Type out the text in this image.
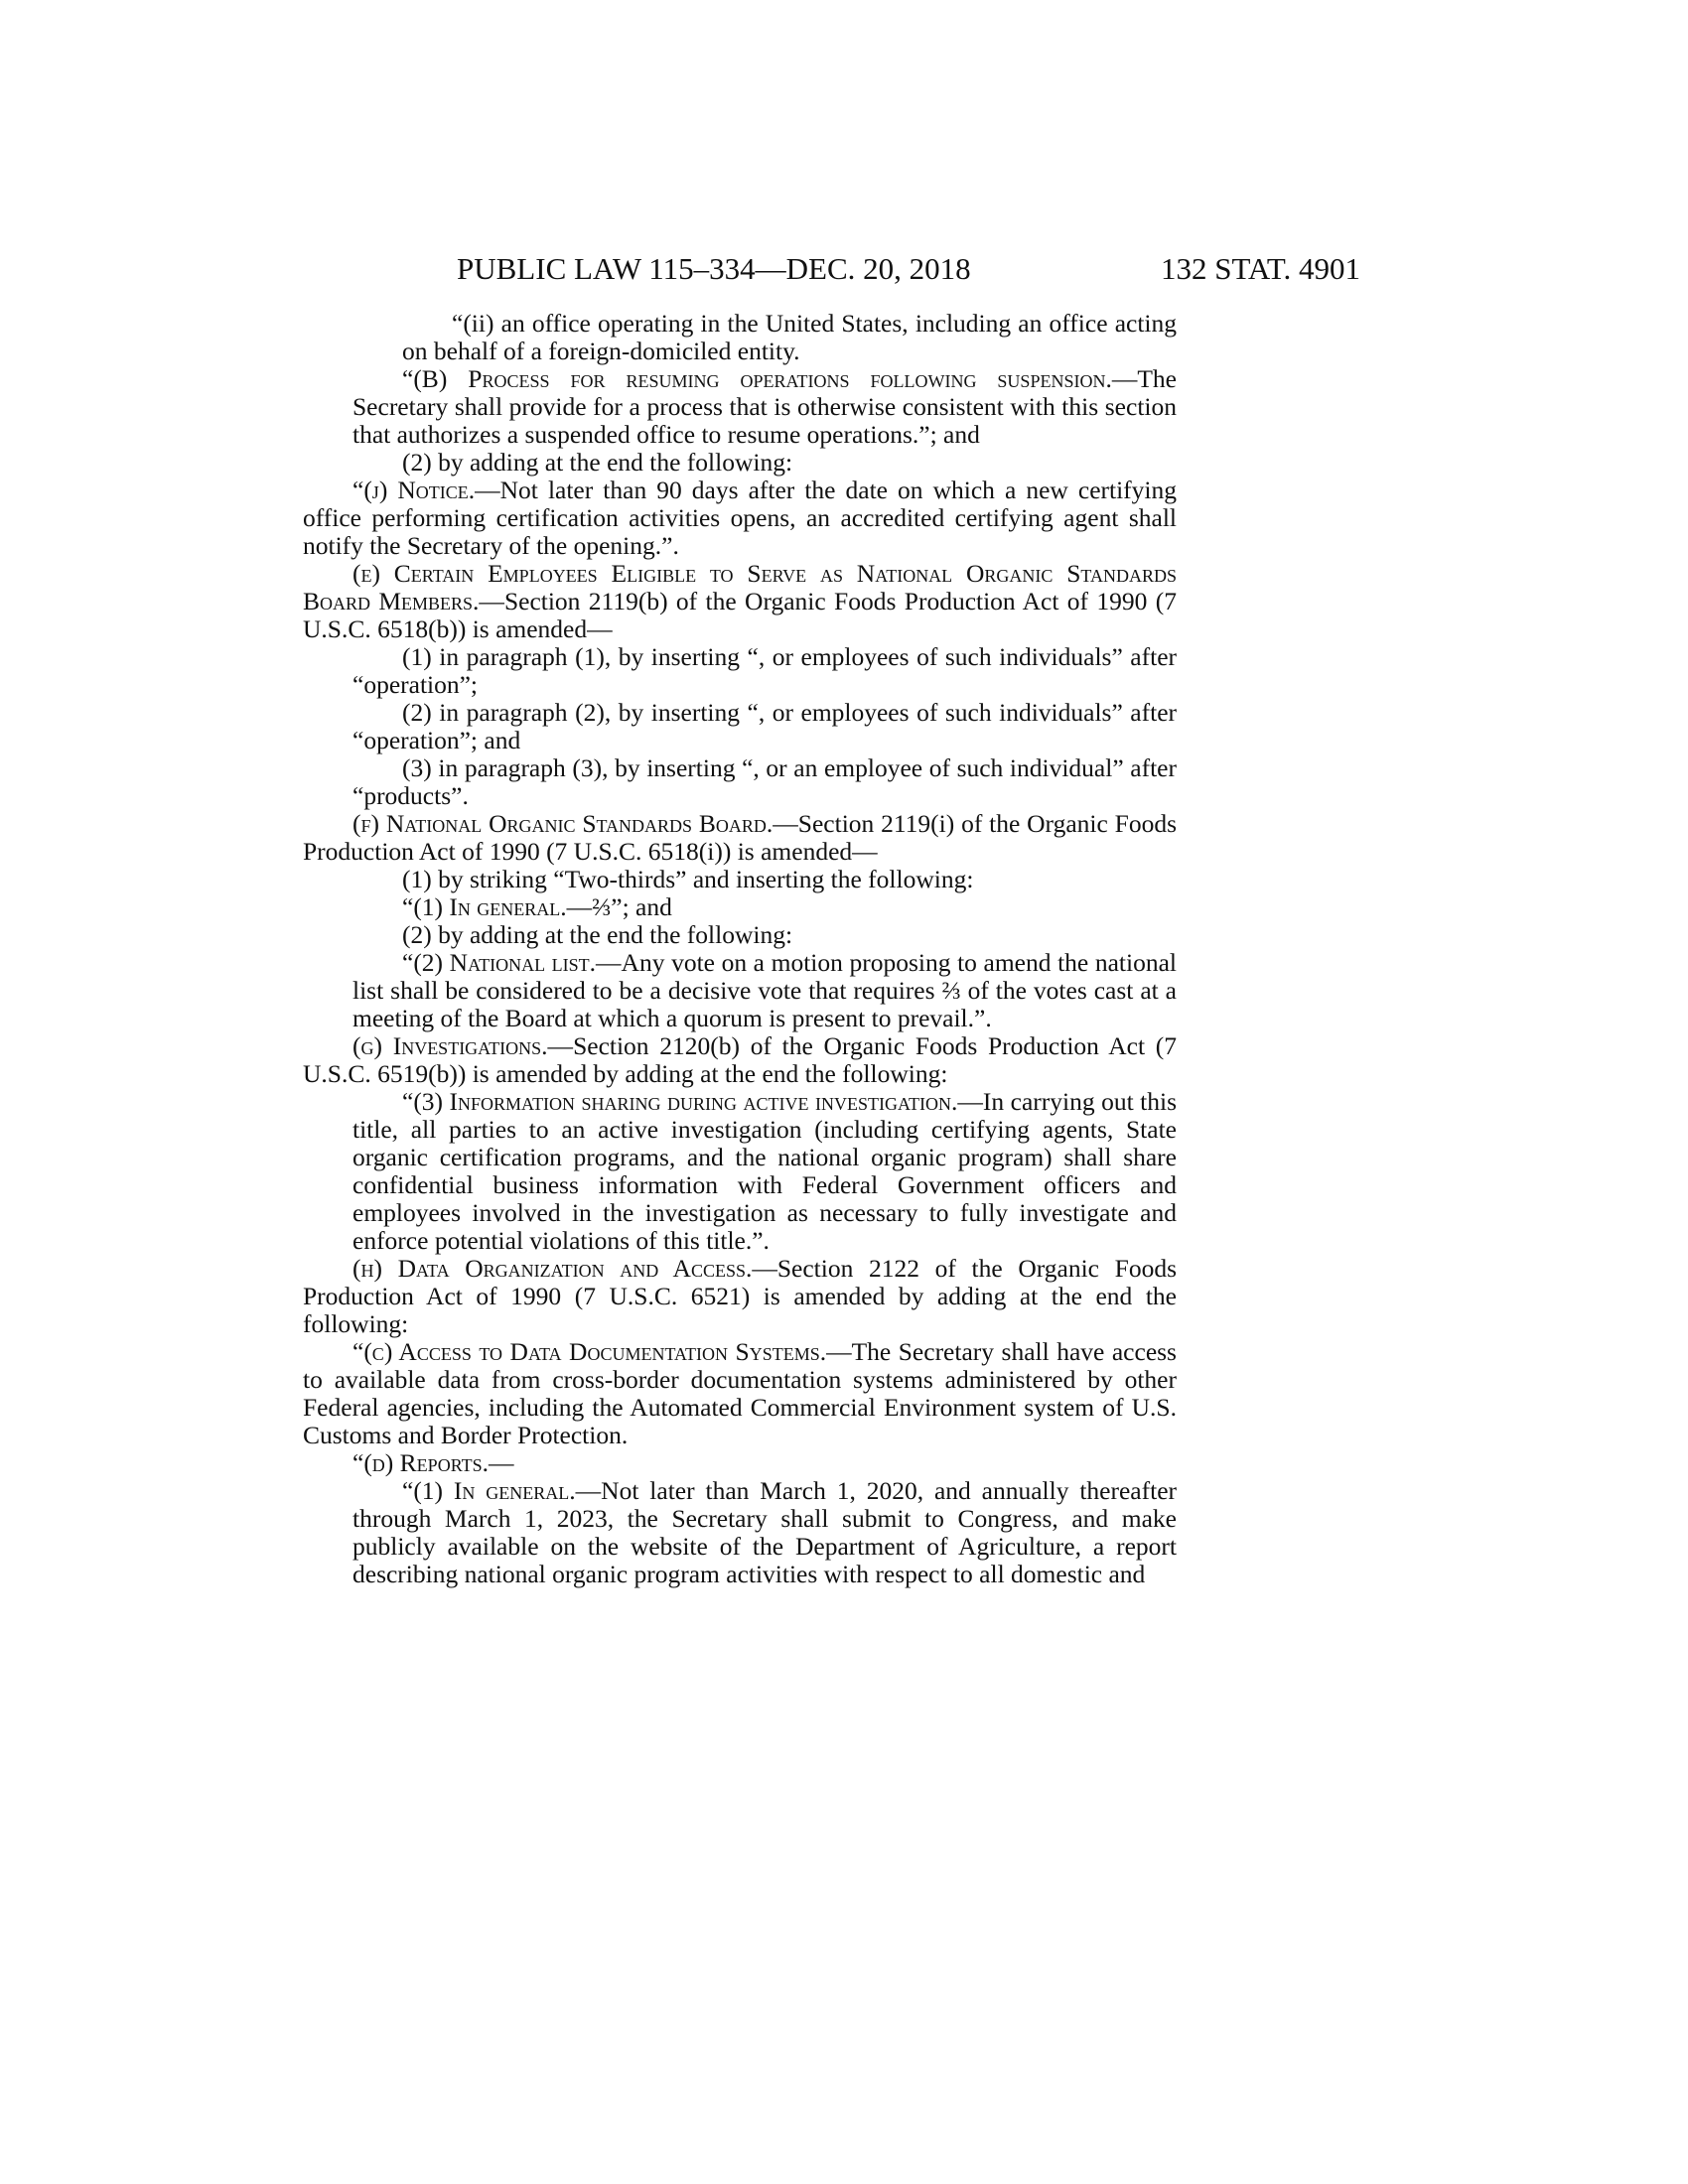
PUBLIC LAW 115–334—DEC. 20, 2018	132 STAT. 4901

“(ii) an office operating in the United States, including an office acting on behalf of a foreign-domiciled entity.

“(B) Process for resuming operations following suspension.—The Secretary shall provide for a process that is otherwise consistent with this section that authorizes a suspended office to resume operations.”; and

(2) by adding at the end the following:

“(j) Notice.—Not later than 90 days after the date on which a new certifying office performing certification activities opens, an accredited certifying agent shall notify the Secretary of the opening.”.

(e) Certain Employees Eligible to Serve as National Organic Standards Board Members.—Section 2119(b) of the Organic Foods Production Act of 1990 (7 U.S.C. 6518(b)) is amended—

(1) in paragraph (1), by inserting “, or employees of such individuals” after “operation”;

(2) in paragraph (2), by inserting “, or employees of such individuals” after “operation”; and

(3) in paragraph (3), by inserting “, or an employee of such individual” after “products”.

(f) National Organic Standards Board.—Section 2119(i) of the Organic Foods Production Act of 1990 (7 U.S.C. 6518(i)) is amended—

(1) by striking “Two-thirds” and inserting the following:

“(1) In general.—⅔”; and

(2) by adding at the end the following:

“(2) National list.—Any vote on a motion proposing to amend the national list shall be considered to be a decisive vote that requires ⅔ of the votes cast at a meeting of the Board at which a quorum is present to prevail.”.

(g) Investigations.—Section 2120(b) of the Organic Foods Production Act (7 U.S.C. 6519(b)) is amended by adding at the end the following:

“(3) Information sharing during active investigation.—In carrying out this title, all parties to an active investigation (including certifying agents, State organic certification programs, and the national organic program) shall share confidential business information with Federal Government officers and employees involved in the investigation as necessary to fully investigate and enforce potential violations of this title.”.

(h) Data Organization and Access.—Section 2122 of the Organic Foods Production Act of 1990 (7 U.S.C. 6521) is amended by adding at the end the following:

“(c) Access to Data Documentation Systems.—The Secretary shall have access to available data from cross-border documentation systems administered by other Federal agencies, including the Automated Commercial Environment system of U.S. Customs and Border Protection.

“(d) Reports.—

“(1) In general.—Not later than March 1, 2020, and annually thereafter through March 1, 2023, the Secretary shall submit to Congress, and make publicly available on the website of the Department of Agriculture, a report describing national organic program activities with respect to all domestic and
